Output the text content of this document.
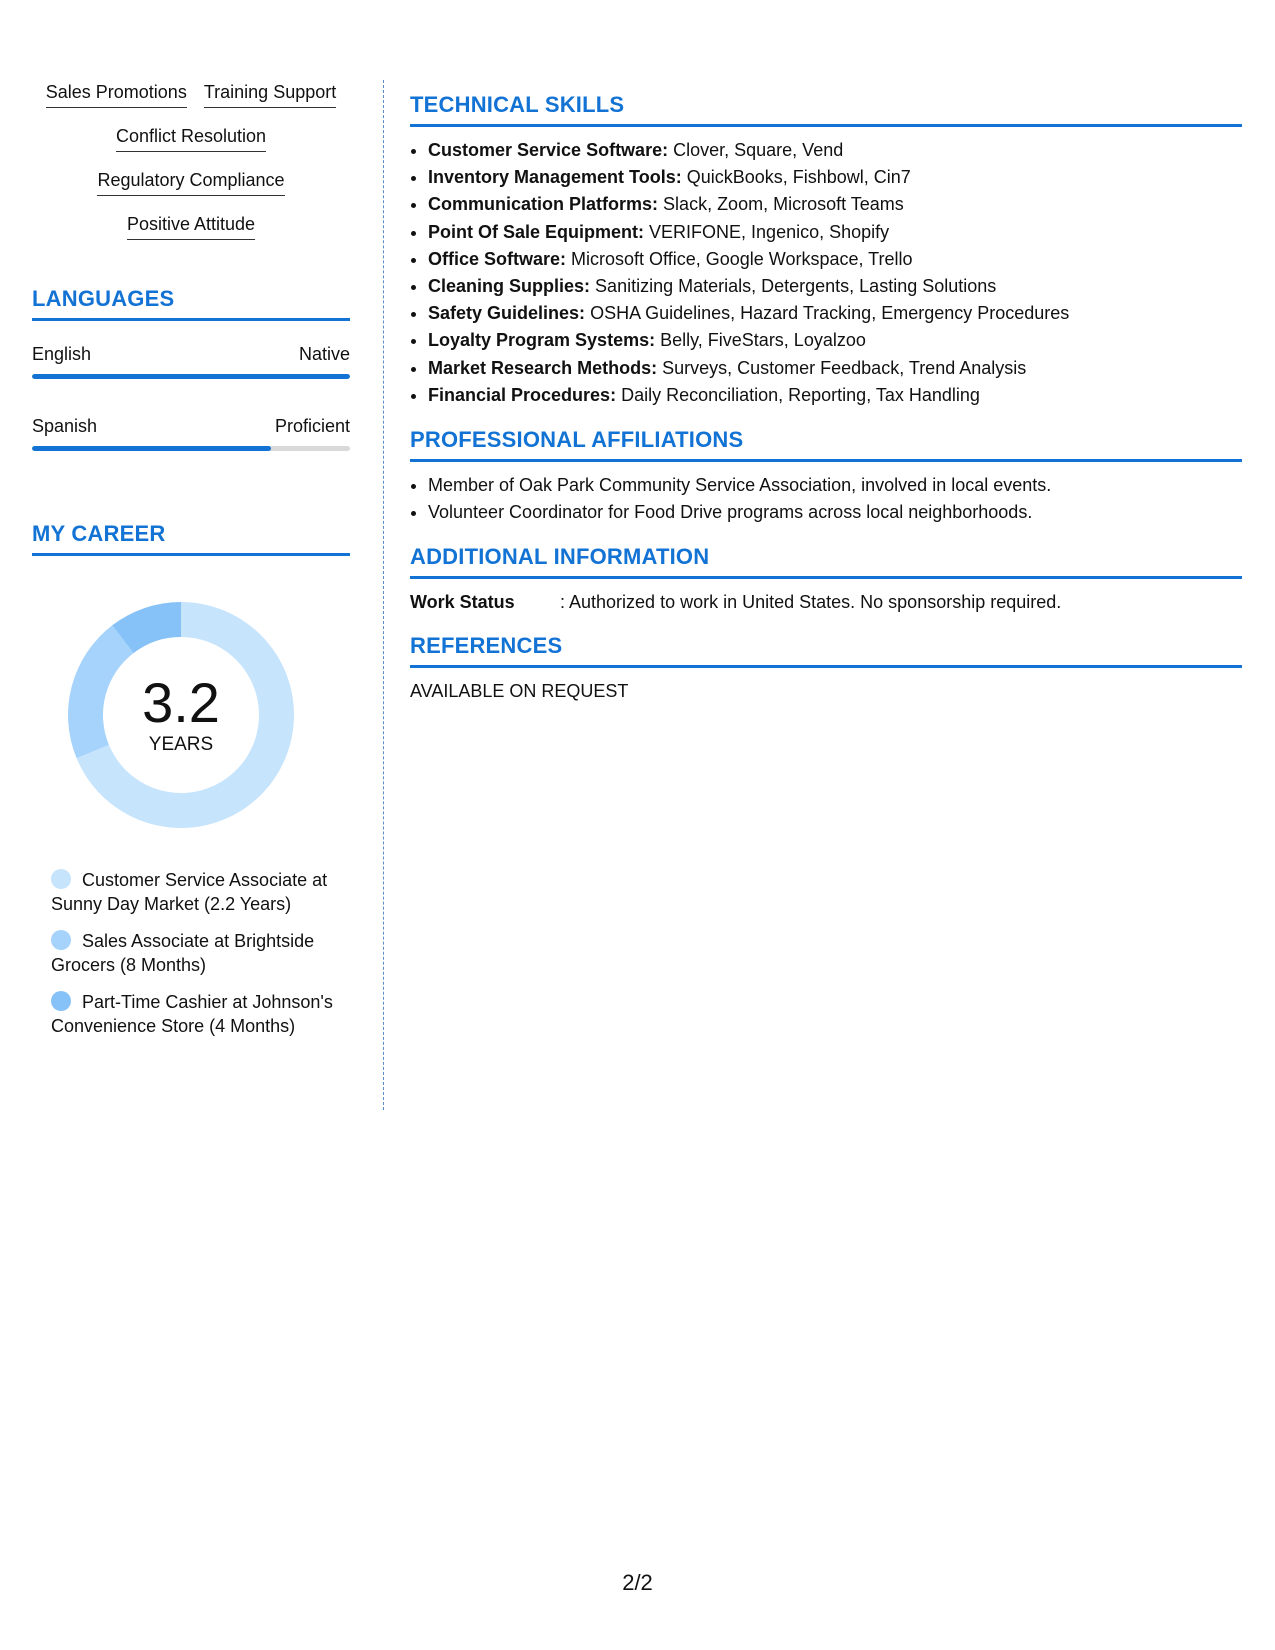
Sales Promotions Training Support
Conflict Resolution
Regulatory Compliance
Positive Attitude
LANGUAGES
English	Native
Spanish	Proficient
MY CAREER
3.2
YEARS
Customer Service Associate at Sunny Day Market (2.2 Years)
Sales Associate at Brightside Grocers (8 Months)
Part-Time Cashier at Johnson's Convenience Store (4 Months)
TECHNICAL SKILLS
• Customer Service Software: Clover, Square, Vend
• Inventory Management Tools: QuickBooks, Fishbowl, Cin7
• Communication Platforms: Slack, Zoom, Microsoft Teams
• Point Of Sale Equipment: VERIFONE, Ingenico, Shopify
• Office Software: Microsoft Office, Google Workspace, Trello
• Cleaning Supplies: Sanitizing Materials, Detergents, Lasting Solutions
• Safety Guidelines: OSHA Guidelines, Hazard Tracking, Emergency Procedures
• Loyalty Program Systems: Belly, FiveStars, Loyalzoo
• Market Research Methods: Surveys, Customer Feedback, Trend Analysis
• Financial Procedures: Daily Reconciliation, Reporting, Tax Handling
PROFESSIONAL AFFILIATIONS
• Member of Oak Park Community Service Association, involved in local events.
• Volunteer Coordinator for Food Drive programs across local neighborhoods.
ADDITIONAL INFORMATION
Work Status	: Authorized to work in United States. No sponsorship required.
REFERENCES
AVAILABLE ON REQUEST
2/2
